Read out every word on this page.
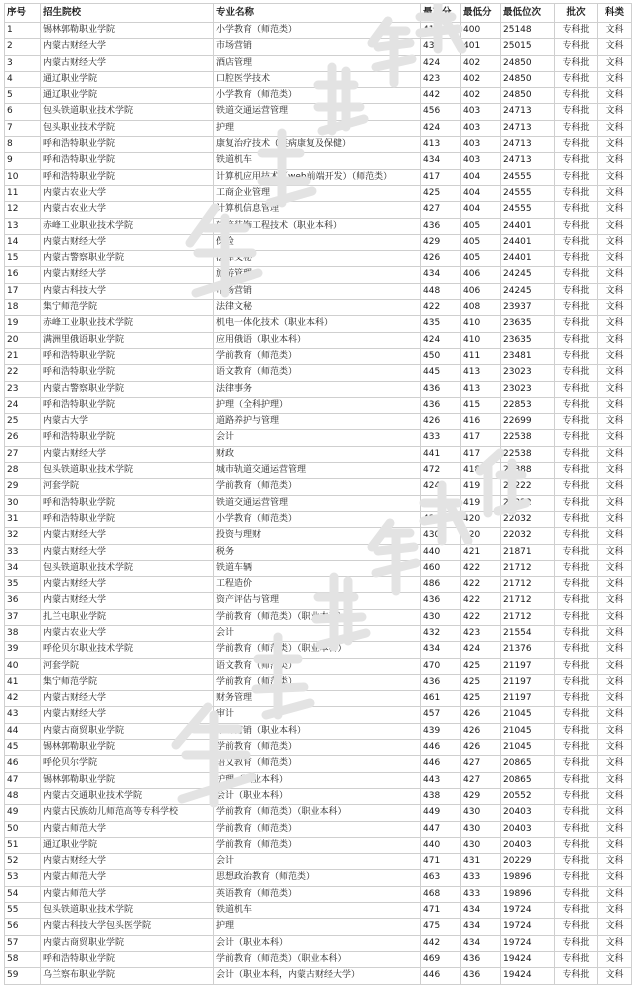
序号	招生院校	专业名称	最高分	最低分	最低位次	批次	科类
1	锡林郭勒职业学院	小学教育（师范类）	411	400	25148	专科批	文科
2	内蒙古财经大学	市场营销	437	401	25015	专科批	文科
3	内蒙古财经大学	酒店管理	424	402	24850	专科批	文科
4	通辽职业学院	口腔医学技术	423	402	24850	专科批	文科
5	通辽职业学院	小学教育（师范类）	442	402	24850	专科批	文科
6	包头铁道职业技术学院	铁道交通运营管理	456	403	24713	专科批	文科
7	包头职业技术学院	护理	424	403	24713	专科批	文科
8	呼和浩特职业学院	康复治疗技术（疾病康复及保健）	413	403	24713	专科批	文科
9	呼和浩特职业学院	铁道机车	434	403	24713	专科批	文科
10	呼和浩特职业学院	计算机应用技术（web前端开发）（师范类）	417	404	24555	专科批	文科
11	内蒙古农业大学	工商企业管理	425	404	24555	专科批	文科
12	内蒙古农业大学	计算机信息管理	427	404	24555	专科批	文科
13	赤峰工业职业技术学院	建筑装饰工程技术（职业本科）	436	405	24401	专科批	文科
14	内蒙古财经大学	保险	429	405	24401	专科批	文科
15	内蒙古警察职业学院	法律文秘	426	405	24401	专科批	文科
16	内蒙古财经大学	旅游管理	434	406	24245	专科批	文科
17	内蒙古科技大学	市场营销	448	406	24245	专科批	文科
18	集宁师范学院	法律文秘	422	408	23937	专科批	文科
19	赤峰工业职业技术学院	机电一体化技术（职业本科）	435	410	23635	专科批	文科
20	满洲里俄语职业学院	应用俄语（职业本科）	424	410	23635	专科批	文科
21	呼和浩特职业学院	学前教育（师范类）	450	411	23481	专科批	文科
22	呼和浩特职业学院	语文教育（师范类）	445	413	23023	专科批	文科
23	内蒙古警察职业学院	法律事务	436	413	23023	专科批	文科
24	呼和浩特职业学院	护理（全科护理）	436	415	22853	专科批	文科
25	内蒙古大学	道路养护与管理	426	416	22699	专科批	文科
26	呼和浩特职业学院	会计	433	417	22538	专科批	文科
27	内蒙古财经大学	财政	441	417	22538	专科批	文科
28	包头铁道职业技术学院	城市轨道交通运营管理	472	418	22388	专科批	文科
29	河套学院	学前教育（师范类）	424	419	22222	专科批	文科
30	呼和浩特职业学院	铁道交通运营管理	460	419	22222	专科批	文科
31	呼和浩特职业学院	小学教育（师范类）	436	420	22032	专科批	文科
32	内蒙古财经大学	投资与理财	430	420	22032	专科批	文科
33	内蒙古财经大学	税务	440	421	21871	专科批	文科
34	包头铁道职业技术学院	铁道车辆	460	422	21712	专科批	文科
35	内蒙古财经大学	工程造价	486	422	21712	专科批	文科
36	内蒙古财经大学	资产评估与管理	436	422	21712	专科批	文科
37	扎兰屯职业学院	学前教育（师范类）（职业本科）	430	422	21712	专科批	文科
38	内蒙古农业大学	会计	432	423	21554	专科批	文科
39	呼伦贝尔职业技术学院	学前教育（师范类）（职业本科）	434	424	21376	专科批	文科
40	河套学院	语文教育（师范类）	470	425	21197	专科批	文科
41	集宁师范学院	学前教育（师范类）	436	425	21197	专科批	文科
42	内蒙古财经大学	财务管理	461	425	21197	专科批	文科
43	内蒙古财经大学	审计	457	426	21045	专科批	文科
44	内蒙古商贸职业学院	市场营销（职业本科）	439	426	21045	专科批	文科
45	锡林郭勒职业学院	学前教育（师范类）	446	426	21045	专科批	文科
46	呼伦贝尔学院	语文教育（师范类）	446	427	20865	专科批	文科
47	锡林郭勒职业学院	护理（职业本科）	443	427	20865	专科批	文科
48	内蒙古交通职业技术学院	会计（职业本科）	438	429	20552	专科批	文科
49	内蒙古民族幼儿师范高等专科学校	学前教育（师范类）（职业本科）	449	430	20403	专科批	文科
50	内蒙古师范大学	学前教育（师范类）	447	430	20403	专科批	文科
51	通辽职业学院	学前教育（师范类）	440	430	20403	专科批	文科
52	内蒙古财经大学	会计	471	431	20229	专科批	文科
53	内蒙古师范大学	思想政治教育（师范类）	463	433	19896	专科批	文科
54	内蒙古师范大学	英语教育（师范类）	468	433	19896	专科批	文科
55	包头铁道职业技术学院	铁道机车	471	434	19724	专科批	文科
56	内蒙古科技大学包头医学院	护理	475	434	19724	专科批	文科
57	内蒙古商贸职业学院	会计（职业本科）	442	434	19724	专科批	文科
58	呼和浩特职业学院	学前教育（师范类）（职业本科）	469	436	19424	专科批	文科
59	乌兰察布职业学院	会计（职业本科，内蒙古财经大学）	446	436	19424	专科批	文科
